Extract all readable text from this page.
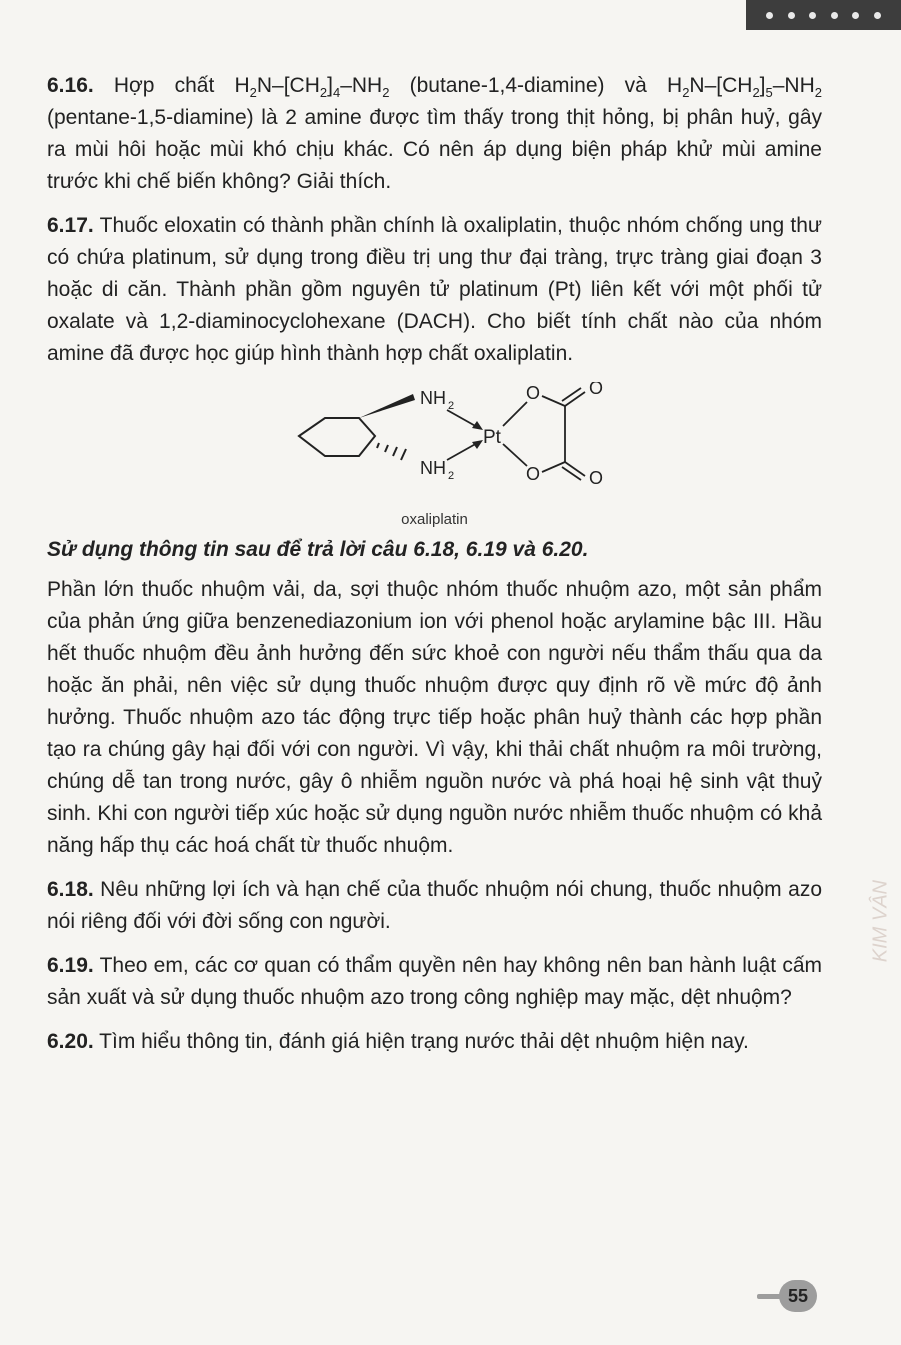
6.16. Hợp chất $H_2N-[CH_2]_4-NH_2$ (butane-1,4-diamine) và $H_2N-[CH_2]_5-NH_2$ (pentane-1,5-diamine) là 2 amine được tìm thấy trong thịt hỏng, bị phân huỷ, gây ra mùi hôi hoặc mùi khó chịu khác. Có nên áp dụng biện pháp khử mùi amine trước khi chế biến không? Giải thích.

6.17. Thuốc eloxatin có thành phần chính là oxaliplatin, thuộc nhóm chống ung thư có chứa platinum, sử dụng trong điều trị ung thư đại tràng, trực tràng giai đoạn 3 hoặc di căn. Thành phần gồm nguyên tử platinum (Pt) liên kết với một phối tử oxalate và 1,2-diaminocyclohexane (DACH). Cho biết tính chất nào của nhóm amine đã được học giúp hình thành hợp chất oxaliplatin.

NH 2
NH 2
Pt
O
O
O
O
oxaliplatin

Sử dụng thông tin sau để trả lời câu 6.18, 6.19 và 6.20.

Phần lớn thuốc nhuộm vải, da, sợi thuộc nhóm thuốc nhuộm azo, một sản phẩm của phản ứng giữa benzenediazonium ion với phenol hoặc arylamine bậc III. Hầu hết thuốc nhuộm đều ảnh hưởng đến sức khoẻ con người nếu thẩm thấu qua da hoặc ăn phải, nên việc sử dụng thuốc nhuộm được quy định rõ về mức độ ảnh hưởng. Thuốc nhuộm azo tác động trực tiếp hoặc phân huỷ thành các hợp phần tạo ra chúng gây hại đối với con người. Vì vậy, khi thải chất nhuộm ra môi trường, chúng dễ tan trong nước, gây ô nhiễm nguồn nước và phá hoại hệ sinh vật thuỷ sinh. Khi con người tiếp xúc hoặc sử dụng nguồn nước nhiễm thuốc nhuộm có khả năng hấp thụ các hoá chất từ thuốc nhuộm.

6.18. Nêu những lợi ích và hạn chế của thuốc nhuộm nói chung, thuốc nhuộm azo nói riêng đối với đời sống con người.

6.19. Theo em, các cơ quan có thẩm quyền nên hay không nên ban hành luật cấm sản xuất và sử dụng thuốc nhuộm azo trong công nghiệp may mặc, dệt nhuộm?

6.20. Tìm hiểu thông tin, đánh giá hiện trạng nước thải dệt nhuộm hiện nay.

KIM VÂN
55
